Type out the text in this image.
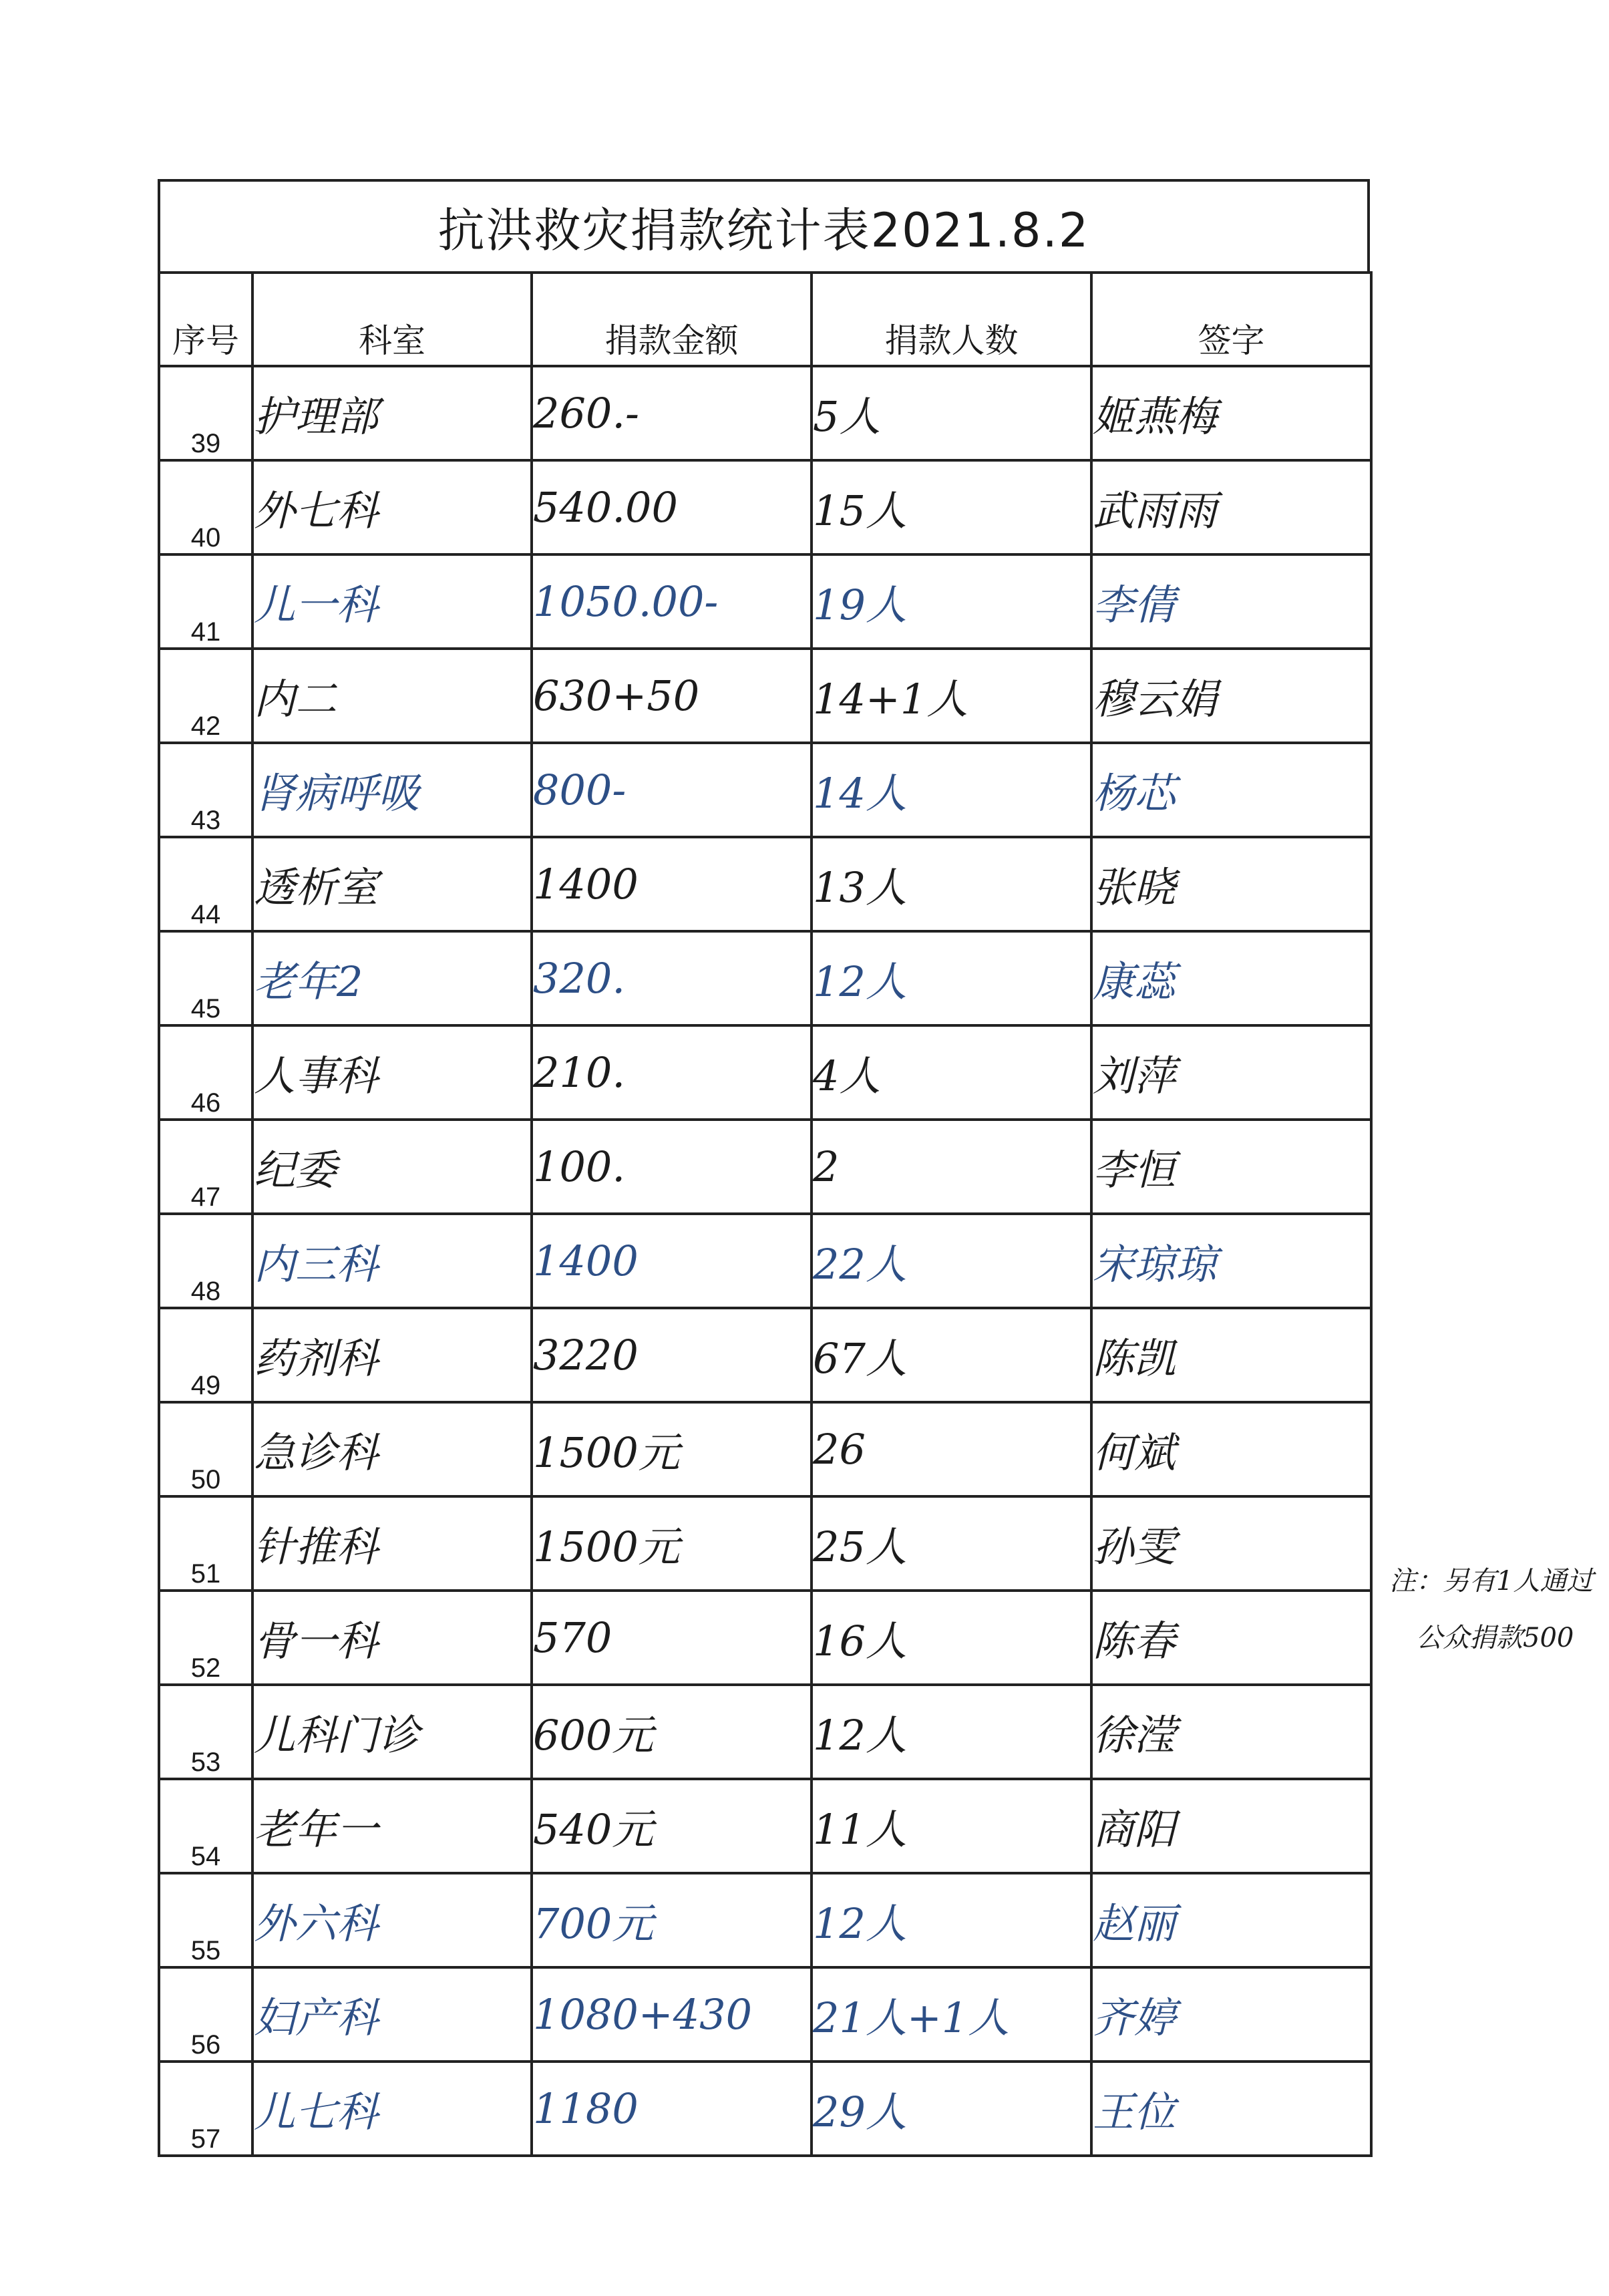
抗洪救灾捐款统计表2021.8.2
序号	科室	捐款金额	捐款人数	签字
39	护理部	260.-	5人	姬燕梅
40	外七科	540.00	15人	武雨雨
41	儿一科	1050.00-	19人	李倩
42	内二	630+50	14+1人	穆云娟
43	肾病呼吸	800-	14人	杨芯
44	透析室	1400	13人	张晓
45	老年2	320.	12人	康蕊
46	人事科	210.	4人	刘萍
47	纪委	100.	2	李恒
48	内三科	1400	22人	宋琼琼
49	药剂科	3220	67人	陈凯
50	急诊科	1500元	26	何斌
51	针推科	1500元	25人	孙雯
52	骨一科	570	16人	陈春
53	儿科门诊	600元	12人	徐滢
54	老年一	540元	11人	商阳
55	外六科	700元	12人	赵丽
56	妇产科	1080+430	21人+1人	齐婷
57	儿七科	1180	29人	王位
注：另有1人通过
公众捐款500
